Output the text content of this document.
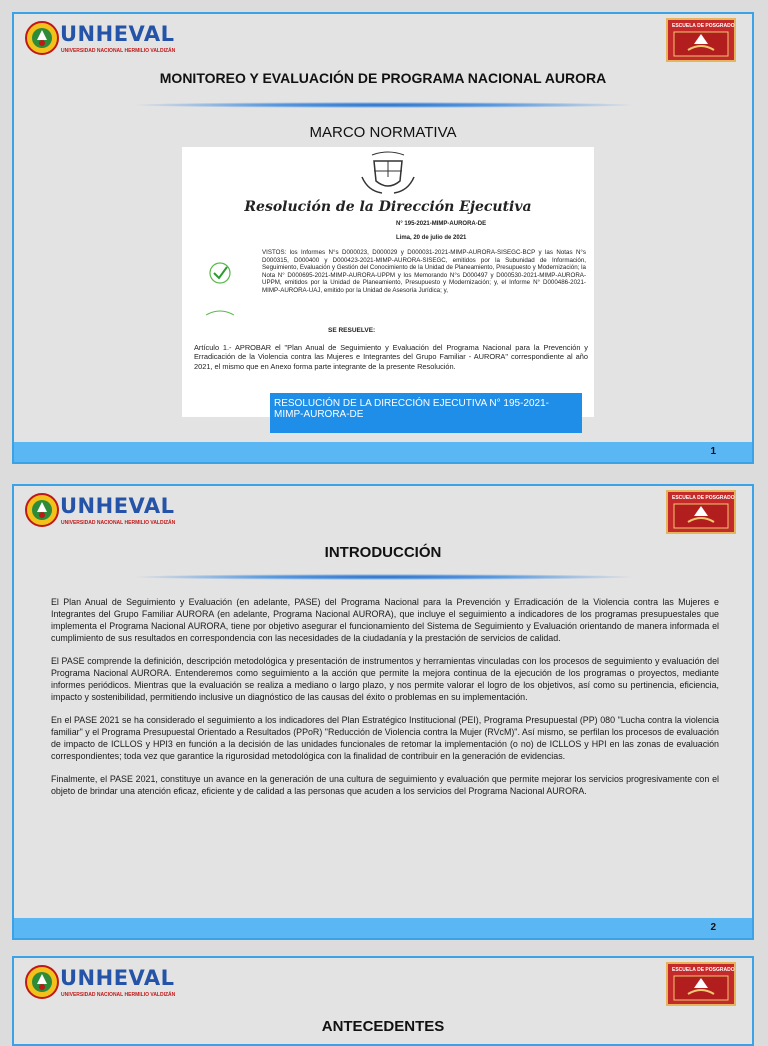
UNHEVAL
UNIVERSIDAD NACIONAL HERMILIO VALDIZÁN
ESCUELA DE POSGRADO
MONITOREO Y EVALUACIÓN DE PROGRAMA NACIONAL AURORA
MARCO NORMATIVA
Resolución de la Dirección Ejecutiva
N° 195-2021-MIMP-AURORA-DE
Lima, 20 de julio de 2021
VISTOS: los Informes N°s D000023, D000029 y D000031-2021-MIMP-AURORA-SISEGC-BCP y las Notas N°s D000315, D000400 y D000423-2021-MIMP-AURORA-SISEGC, emitidos por la Subunidad de Información, Seguimiento, Evaluación y Gestión del Conocimiento de la Unidad de Planeamiento, Presupuesto y Modernización; la Nota N° D000695-2021-MIMP-AURORA-UPPM y los Memorando N°s D000497 y D000530-2021-MIMP-AURORA-UPPM, emitidos por la Unidad de Planeamiento, Presupuesto y Modernización; y, el Informe N° D000486-2021-MIMP-AURORA-UAJ, emitido por la Unidad de Asesoría Jurídica; y,
SE RESUELVE:
Artículo 1.- APROBAR el "Plan Anual de Seguimiento y Evaluación del Programa Nacional para la Prevención y Erradicación de la Violencia contra las Mujeres e Integrantes del Grupo Familiar - AURORA" correspondiente al año 2021, el mismo que en Anexo forma parte integrante de la presente Resolución.
RESOLUCIÓN DE LA DIRECCIÓN EJECUTIVA N° 195-2021-MIMP-AURORA-DE
1
UNHEVAL
UNIVERSIDAD NACIONAL HERMILIO VALDIZÁN
ESCUELA DE POSGRADO
INTRODUCCIÓN

El Plan Anual de Seguimiento y Evaluación (en adelante, PASE) del Programa Nacional para la Prevención y Erradicación de la Violencia contra las Mujeres e Integrantes del Grupo Familiar AURORA (en adelante, Programa Nacional AURORA), que incluye el seguimiento a indicadores de los programas presupuestales que implementa el Programa Nacional AURORA, tiene por objetivo asegurar el funcionamiento del Sistema de Seguimiento y Evaluación orientando de manera informada el cumplimiento de sus resultados en correspondencia con las necesidades de la ciudadanía y la prestación de servicios de calidad.

El PASE comprende la definición, descripción metodológica y presentación de instrumentos y herramientas vinculadas con los procesos de seguimiento y evaluación del Programa Nacional AURORA. Entenderemos como seguimiento a la acción que permite la mejora continua de la ejecución de los programas o proyectos, mediante informes periódicos. Mientras que la evaluación se realiza a mediano o largo plazo, y nos permite valorar el logro de los objetivos, así como su pertinencia, eficiencia, impacto y sostenibilidad, permitiendo inclusive un diagnóstico de las causas del éxito o problemas en su implementación.

En el PASE 2021 se ha considerado el seguimiento a los indicadores del Plan Estratégico Institucional (PEI), Programa Presupuestal (PP) 080 "Lucha contra la violencia familiar" y el Programa Presupuestal Orientado a Resultados (PPoR) "Reducción de Violencia contra la Mujer (RVcM)". Así mismo, se perfilan los procesos de evaluación de impacto de ICLLOS y HPI3 en función a la decisión de las unidades funcionales de retomar la implementación (o no) de ICLLOS y HPI en las zonas de evaluación correspondientes; toda vez que garantice la rigurosidad metodológica con la finalidad de contribuir en la generación de evidencias.

Finalmente, el PASE 2021, constituye un avance en la generación de una cultura de seguimiento y evaluación que permite mejorar los servicios progresivamente con el objeto de brindar una atención eficaz, eficiente y de calidad a las personas que acuden a los servicios del Programa Nacional AURORA.

2
UNHEVAL
UNIVERSIDAD NACIONAL HERMILIO VALDIZÁN
ESCUELA DE POSGRADO
ANTECEDENTES
